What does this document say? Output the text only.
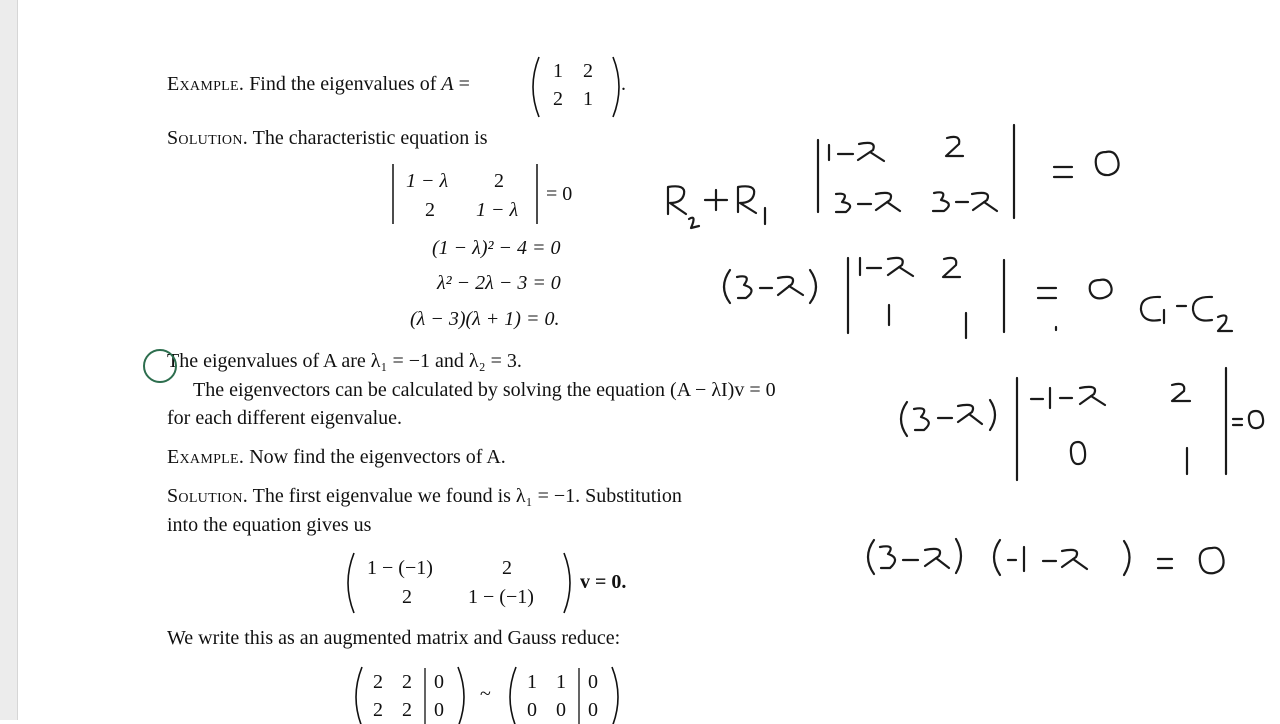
Example. Find the eigenvalues of A =
1 2
2 1
.
Solution. The characteristic equation is
1 − λ 2
2 1 − λ
= 0
(1 − λ)² − 4 = 0
λ² − 2λ − 3 = 0
(λ − 3)(λ + 1) = 0.
The eigenvalues of A are λ₁ = −1 and λ₂ = 3.
The eigenvectors can be calculated by solving the equation (A − λI)v = 0
for each different eigenvalue.
Example. Now find the eigenvectors of A.
Solution. The first eigenvalue we found is λ₁ = −1. Substitution
into the equation gives us
1 − (−1)	2
2	1 − (−1)
v = 0.
We write this as an augmented matrix and Gauss reduce:
2 2 0
2 2 0
~
1 1 0
0 0 0
